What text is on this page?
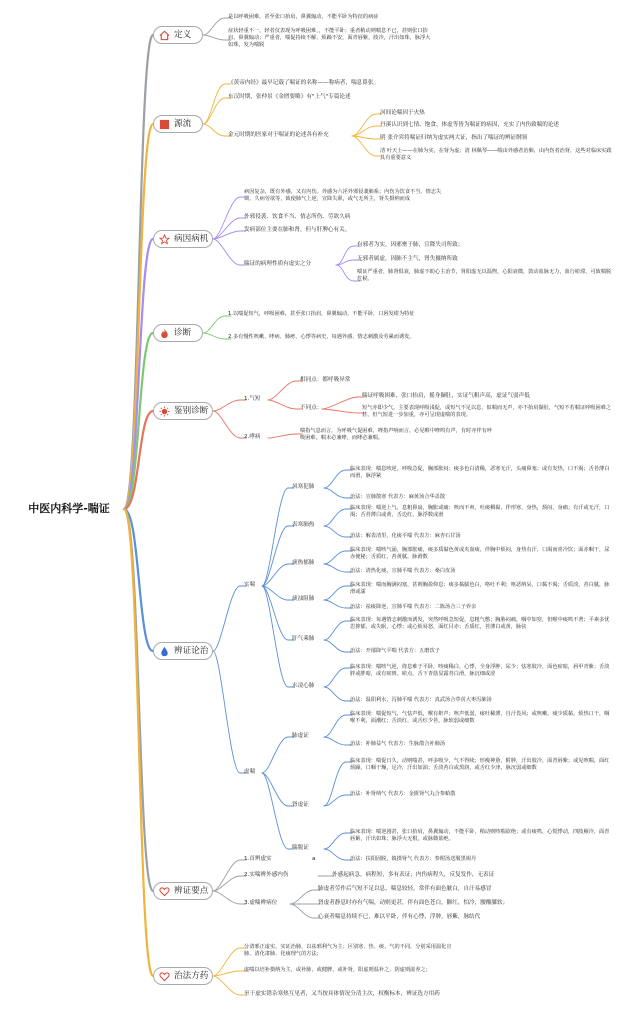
中医内科学-喘证
定义
是以呼吸困难，甚至张口抬肩，鼻翼煽动，不能平卧为特征的病症
症状轻重不一，轻者仅表现为呼吸困难，，不能平卧；重者稍动则喘息不已，甚则张口抬肩，鼻翼煽动；严重者，喘促持续不解，烦躁不安，面青唇紫，肢冷，汗出如珠，脉浮大如珠，发为喘脱
源流
《黄帝内经》最早记载了喘证的名称——称病者，喘息鼻张。
东汉时期，张仲景《金匮要略》有"上气"专篇论述
金元时期的医家对于喘证的论述各有补充
河间论喘因于火热
丹溪认识到七情、饱食、体虚等皆为喘证的病因，充实了内伤致喘的论述
明 张介宾将喘证归纳为虚实两大证，指出了喘证的辨证纲领
清 叶天士——在肺为实，在肾为虚；清 林佩琴——喘由外感者治肺，由内伤者治肾，这些对临床实践具有重要意义
病因病机
病因复杂，既有外感，又有内伤。外感为六淫外邪侵袭肺系；内伤为饮食不当、情志失调、久病劳欲等，致使肺气上逆，宣降失职，或气无所主，肾失摄纳而成
外邪侵袭、饮食不当、情志所伤、劳欲久病
发病部位主要在肺和肾，但与肝脾心有关。
喘证的病理性质有虚实之分
有邪者为实，因邪壅于肺，宣降失司所致；
无邪者属虚，因肺不主气，肾失摄纳所致
喘证严重者，肺肾俱衰，肺虚不助心主治节，肾阳虚无以温煦，心阳衰微，鼓动血脉无力，血行瘀滞，可致喘脱危候。
诊断
1.以喘促短气，呼吸困难，甚至张口抬肩，鼻翼煽动，不能平卧，口唇发绀为特征
2.多有慢性咳嗽、哮病、肺痨、心悸等病史，每遇外感、情志刺激及劳累而诱发。
鉴别诊断
1.气短
相同点：都呼吸异常
不同点：
喘证呼吸困难，张口抬肩，摇身撷肚，实证气粗声高，虚证气弱声低
短气亦即少气，主要表现呼吸浅促，或短气不足以息，似喘而无声，亦不抬肩撷肚，气短不若喘证呼吸困难之甚，但气短进一步加重，亦可呈现虚喘的表现。
2.哮病
喘指气息而言，为呼吸气促困难，哮指声响而言，必见喉中哮鸣有声，有时亦伴有呼吸困难。喘未必兼哮，而哮必兼喘。
辨证论治
实喘
虚喘
风寒犯肺
临床表现：喘息咳逆，呼吸急促，胸部胀闷；痰多色白清稀，恶寒无汗，头痛鼻塞；或有发热，口不渴；舌苔薄白而滑，脉浮紧
治法：宣肺散寒 代表方：麻黄汤合华盖散
表寒肺热
临床表现：喘逆上气，息粗鼻扇，胸胀或痛；咳而不爽，吐痰稠黏，伴形寒，身热，烦闷，身痛；有汗或无汗，口渴；舌苔薄白或黄，舌边红，脉浮数或滑
治法：解表清里，化痰平喘 代表方：麻杏石甘汤
痰热郁肺
临床表现：喘咳气涌，胸部胀痛，痰多质黏色黄或夹血痰，伴胸中烦闷，身热有汗，口渴而喜冷饮；面赤咽干，尿赤便秘；舌质红，苔黄腻，脉滑数
治法：清热化痰，宣肺平喘 代表方：桑白皮汤
痰浊阻肺
临床表现：喘而胸满闷塞，甚则胸盈仰息；痰多黏腻色白，咯吐不利；呕恶纳呆，口黏不渴；舌质淡，苔白腻，脉滑或濡
治法：祛痰降逆，宣肺平喘 代表方：二陈汤合三子养亲
肝气乘肺
临床表现：每遇情志刺激而诱发，突然呼吸急短促，息粗气憋；胸胁闷痛，咽中如窒，但喉中痰鸣不著；平素多忧思抑郁，或失眠，心悸；或心烦易怒，面红目赤；舌质红，苔薄白或黄，脉弦
治法：开郁降气平喘 代表方：五磨饮子
水凌心肺
临床表现：喘咳气逆，倚息难于平卧，咳痰稀白，心悸，全身浮肿，尿少；怯寒肢冷，面色瘀暗，唇甲青紫；舌淡胖或胖暗，或有瘀斑、瘀点，舌下青筋显露苔白滑，脉沉细或涩
治法：温阳利水，泻肺平喘 代表方：真武汤合葶苈大枣泻肺汤
肺虚证
临床表现：喘促短气，气怯声低，喉有鼾声；咳声低弱，痰吐稀薄，自汗畏风；或咳嗽，痰少质黏，烦热口干，咽喉不利，面潮红；舌淡红，或舌红少苔，脉软弱或细数
治法：补肺益气 代表方：生脉散合补肺汤
肾虚证
临床表现：喘促日久，动则喘甚，呼多吸少，气不得续；形瘦神惫，附肿，汗出肢冷，面青唇紫；或见咳喘，面红烦躁，口咽干燥，足冷，汗出如油；舌淡苔白或黑润，或舌红少津，脉沉弱或细数
治法：补肾纳气 代表方：金匮肾气丸合参蛤散
喘脱证
临床表现：喘逆剧甚，张口抬肩，鼻翼煽动，不能平卧，稍动则咳喘欲绝；或有痰鸣，心慌悸动，四肢厥冷，面青唇紫，汗出如珠；脉浮大无根，或脉微欲绝。
治法：扶阳固脱，镇摄肾气 代表方：参附汤送服黑锡丹
辨证要点
1.首辨虚实	a
2.实喘辨外感内伤	外感起病急，病程短，多有表证；内伤病程久，反复发作，无表证
3.虚喘辨病位
肺虚者劳作后气短不足以息，喘息较轻，常伴有面色觥白，自汗易感冒
肾虚者静息时亦有气喘，动则更甚，伴有面色苍白，颧红，怕冷，腰酸膝软；
心衰者喘息持续不已，难以平卧，伴有心悸，浮肿，唇紫，脉结代
治法方药
分清邪正虚实，实证治肺，以祛邪利气为主；区别寒、热、痰、气的不同，分别采用温化宣肺、清化肃肺、化痰理气的方法；
虚喘以培补摄纳为主，或补肺，或健脾，或补肾，阳虚则温补之，阴虚则滋养之；
至于虚实错杂寒热互见者，又当按具体情况分清主次，权衡标本，辨证选方用药
